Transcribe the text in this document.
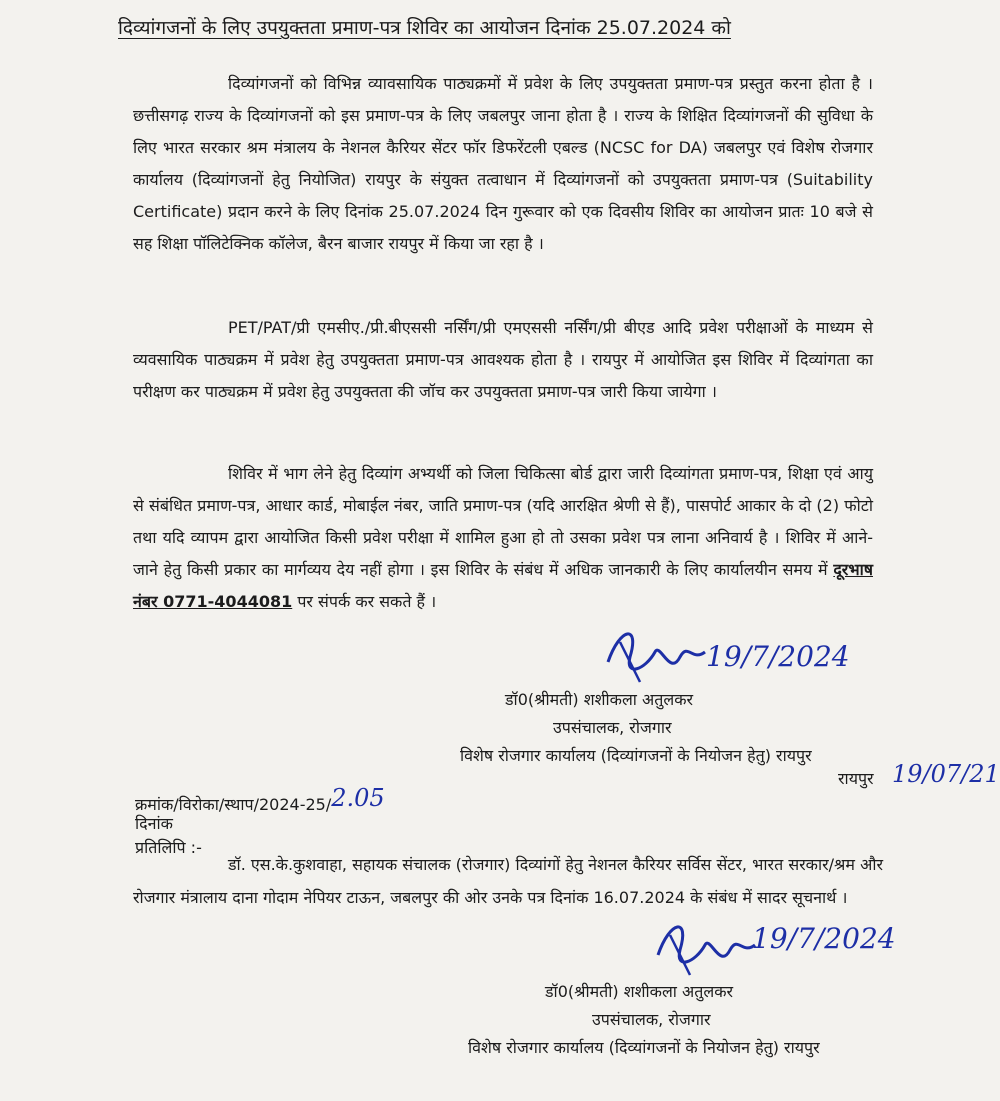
दिव्यांगजनों के लिए उपयुक्तता प्रमाण-पत्र शिविर का आयोजन दिनांक 25.07.2024 को

दिव्यांगजनों को विभिन्न व्यावसायिक पाठ्यक्रमों में प्रवेश के लिए उपयुक्तता प्रमाण-पत्र प्रस्तुत करना होता है । छत्तीसगढ़ राज्य के दिव्यांगजनों को इस प्रमाण-पत्र के लिए जबलपुर जाना होता है । राज्य के शिक्षित दिव्यांगजनों की सुविधा के लिए भारत सरकार श्रम मंत्रालय के नेशनल कैरियर सेंटर फॉर डिफरेंटली एबल्ड (NCSC for DA) जबलपुर एवं विशेष रोजगार कार्यालय (दिव्यांगजनों हेतु नियोजित) रायपुर के संयुक्त तत्वाधान में दिव्यांगजनों को उपयुक्तता प्रमाण-पत्र (Suitability Certificate) प्रदान करने के लिए दिनांक 25.07.2024 दिन गुरूवार को एक दिवसीय शिविर का आयोजन प्रातः 10 बजे से सह शिक्षा पॉलिटेक्निक कॉलेज, बैरन बाजार रायपुर में किया जा रहा है ।

PET/PAT/प्री एमसीए./प्री.बीएससी नर्सिंग/प्री एमएससी नर्सिंग/प्री बीएड आदि प्रवेश परीक्षाओं के माध्यम से व्यवसायिक पाठ्यक्रम में प्रवेश हेतु उपयुक्तता प्रमाण-पत्र आवश्यक होता है । रायपुर में आयोजित इस शिविर में दिव्यांगता का परीक्षण कर पाठ्यक्रम में प्रवेश हेतु उपयुक्तता की जॉच कर उपयुक्तता प्रमाण-पत्र जारी किया जायेगा ।

शिविर में भाग लेने हेतु दिव्यांग अभ्यर्थी को जिला चिकित्सा बोर्ड द्वारा जारी दिव्यांगता प्रमाण-पत्र, शिक्षा एवं आयु से संबंधित प्रमाण-पत्र, आधार कार्ड, मोबाईल नंबर, जाति प्रमाण-पत्र (यदि आरक्षित श्रेणी से हैं), पासपोर्ट आकार के दो (2) फोटो तथा यदि व्यापम द्वारा आयोजित किसी प्रवेश परीक्षा में शामिल हुआ हो तो उसका प्रवेश पत्र लाना अनिवार्य है । शिविर में आने-जाने हेतु किसी प्रकार का मार्गव्यय देय नहीं होगा । इस शिविर के संबंध में अधिक जानकारी के लिए कार्यालयीन समय में दूरभाष नंबर 0771-4044081 पर संपर्क कर सकते हैं ।

19/7/2024
डॉ0(श्रीमती) शशीकला अतुलकर
उपसंचालक, रोजगार
विशेष रोजगार कार्यालय (दिव्यांगजनों के नियोजन हेतु) रायपुर
रायपुर 19/07/21
क्रमांक/विरोका/स्थाप/2024-25/2.05
दिनांक
प्रतिलिपि :-

डॉ. एस.के.कुशवाहा, सहायक संचालक (रोजगार) दिव्यांगों हेतु नेशनल कैरियर सर्विस सेंटर, भारत सरकार/श्रम और रोजगार मंत्रालाय दाना गोदाम नेपियर टाऊन, जबलपुर की ओर उनके पत्र दिनांक 16.07.2024 के संबंध में सादर सूचनार्थ ।

19/7/2024
डॉ0(श्रीमती) शशीकला अतुलकर
उपसंचालक, रोजगार
विशेष रोजगार कार्यालय (दिव्यांगजनों के नियोजन हेतु) रायपुर
